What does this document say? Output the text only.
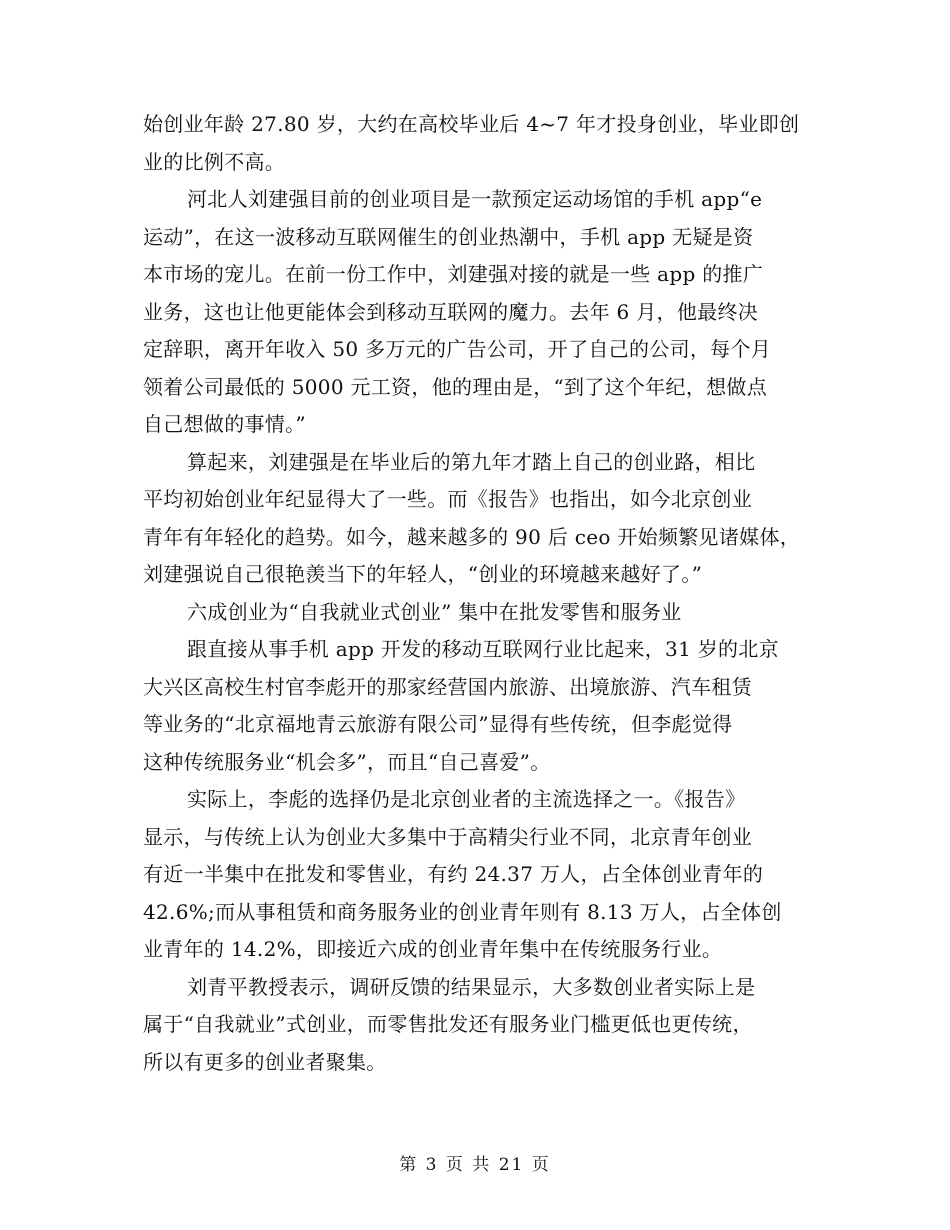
始创业年龄 27.80 岁，大约在高校毕业后 4~7 年才投身创业，毕业即创
业的比例不高。
河北人刘建强目前的创业项目是一款预定运动场馆的手机 app“e
运动”，在这一波移动互联网催生的创业热潮中，手机 app 无疑是资
本市场的宠儿。在前一份工作中，刘建强对接的就是一些 app 的推广
业务，这也让他更能体会到移动互联网的魔力。去年 6 月，他最终决
定辞职，离开年收入 50 多万元的广告公司，开了自己的公司，每个月
领着公司最低的 5000 元工资，他的理由是，“到了这个年纪，想做点
自己想做的事情。”
算起来，刘建强是在毕业后的第九年才踏上自己的创业路，相比
平均初始创业年纪显得大了一些。而《报告》也指出，如今北京创业
青年有年轻化的趋势。如今，越来越多的 90 后 ceo 开始频繁见诸媒体，
刘建强说自己很艳羡当下的年轻人，“创业的环境越来越好了。”
六成创业为“自我就业式创业” 集中在批发零售和服务业
跟直接从事手机 app 开发的移动互联网行业比起来，31 岁的北京
大兴区高校生村官李彪开的那家经营国内旅游、出境旅游、汽车租赁
等业务的“北京福地青云旅游有限公司”显得有些传统，但李彪觉得
这种传统服务业“机会多”，而且“自己喜爱”。
实际上，李彪的选择仍是北京创业者的主流选择之一。《报告》
显示，与传统上认为创业大多集中于高精尖行业不同，北京青年创业
有近一半集中在批发和零售业，有约 24.37 万人，占全体创业青年的
42.6%;而从事租赁和商务服务业的创业青年则有 8.13 万人，占全体创
业青年的 14.2%，即接近六成的创业青年集中在传统服务行业。
刘青平教授表示，调研反馈的结果显示，大多数创业者实际上是
属于“自我就业”式创业，而零售批发还有服务业门槛更低也更传统，
所以有更多的创业者聚集。
第 3 页 共 21 页
